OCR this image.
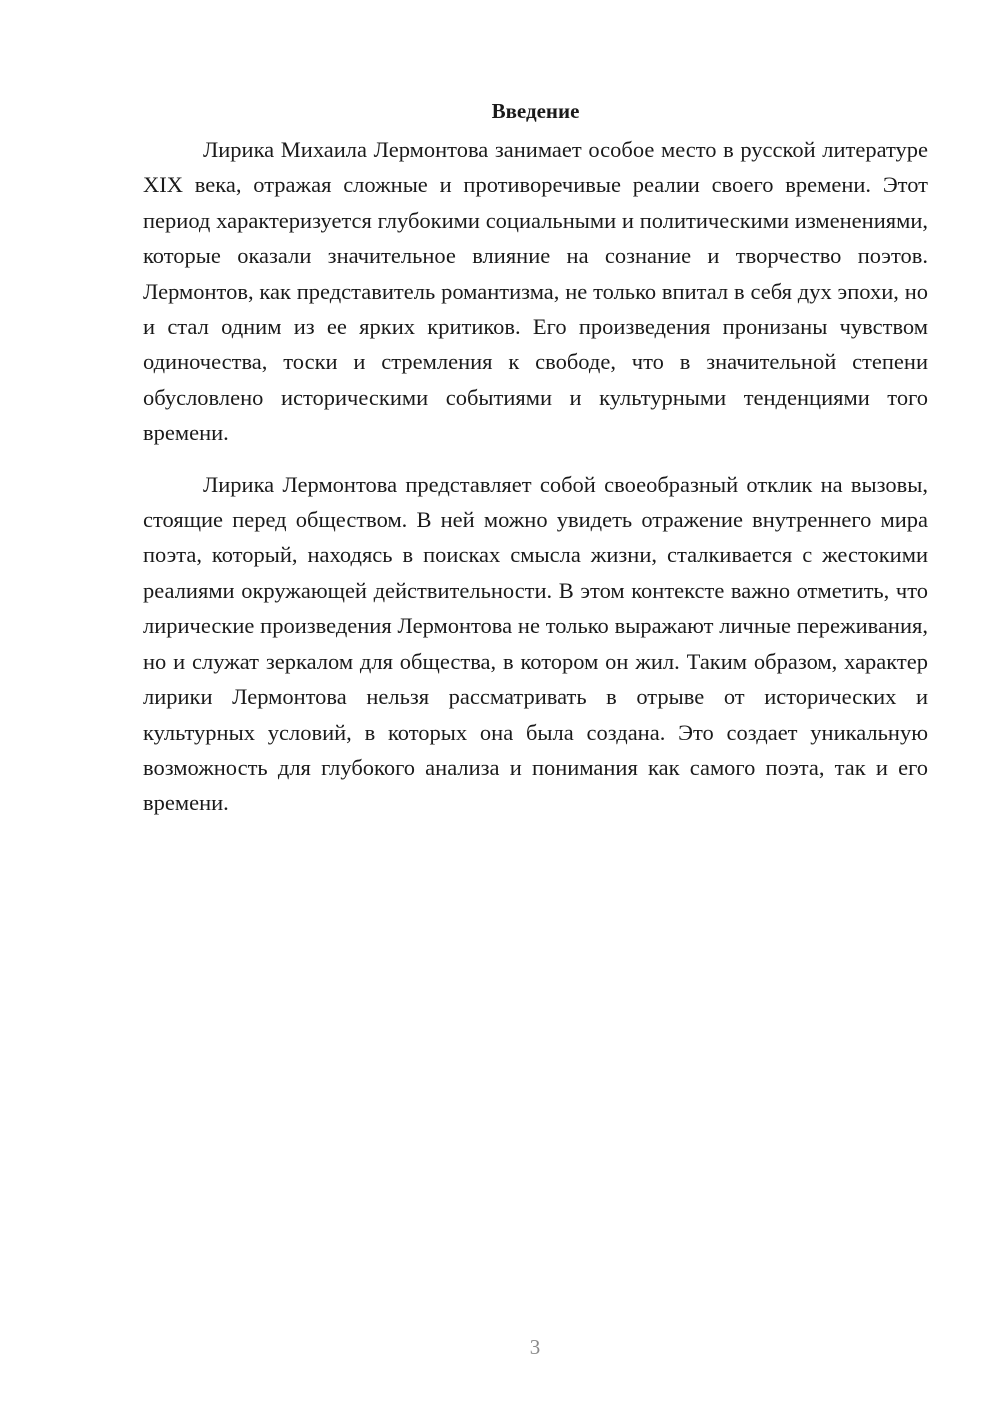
Введение

Лирика Михаила Лермонтова занимает особое место в русской литературе XIX века, отражая сложные и противоречивые реалии своего времени. Этот период характеризуется глубокими социальными и политическими изменениями, которые оказали значительное влияние на сознание и творчество поэтов. Лермонтов, как представитель романтизма, не только впитал в себя дух эпохи, но и стал одним из ее ярких критиков. Его произведения пронизаны чувством одиночества, тоски и стремления к свободе, что в значительной степени обусловлено историческими событиями и культурными тенденциями того времени.

Лирика Лермонтова представляет собой своеобразный отклик на вызовы, стоящие перед обществом. В ней можно увидеть отражение внутреннего мира поэта, который, находясь в поисках смысла жизни, сталкивается с жестокими реалиями окружающей действительности. В этом контексте важно отметить, что лирические произведения Лермонтова не только выражают личные переживания, но и служат зеркалом для общества, в котором он жил. Таким образом, характер лирики Лермонтова нельзя рассматривать в отрыве от исторических и культурных условий, в которых она была создана. Это создает уникальную возможность для глубокого анализа и понимания как самого поэта, так и его времени.

3
